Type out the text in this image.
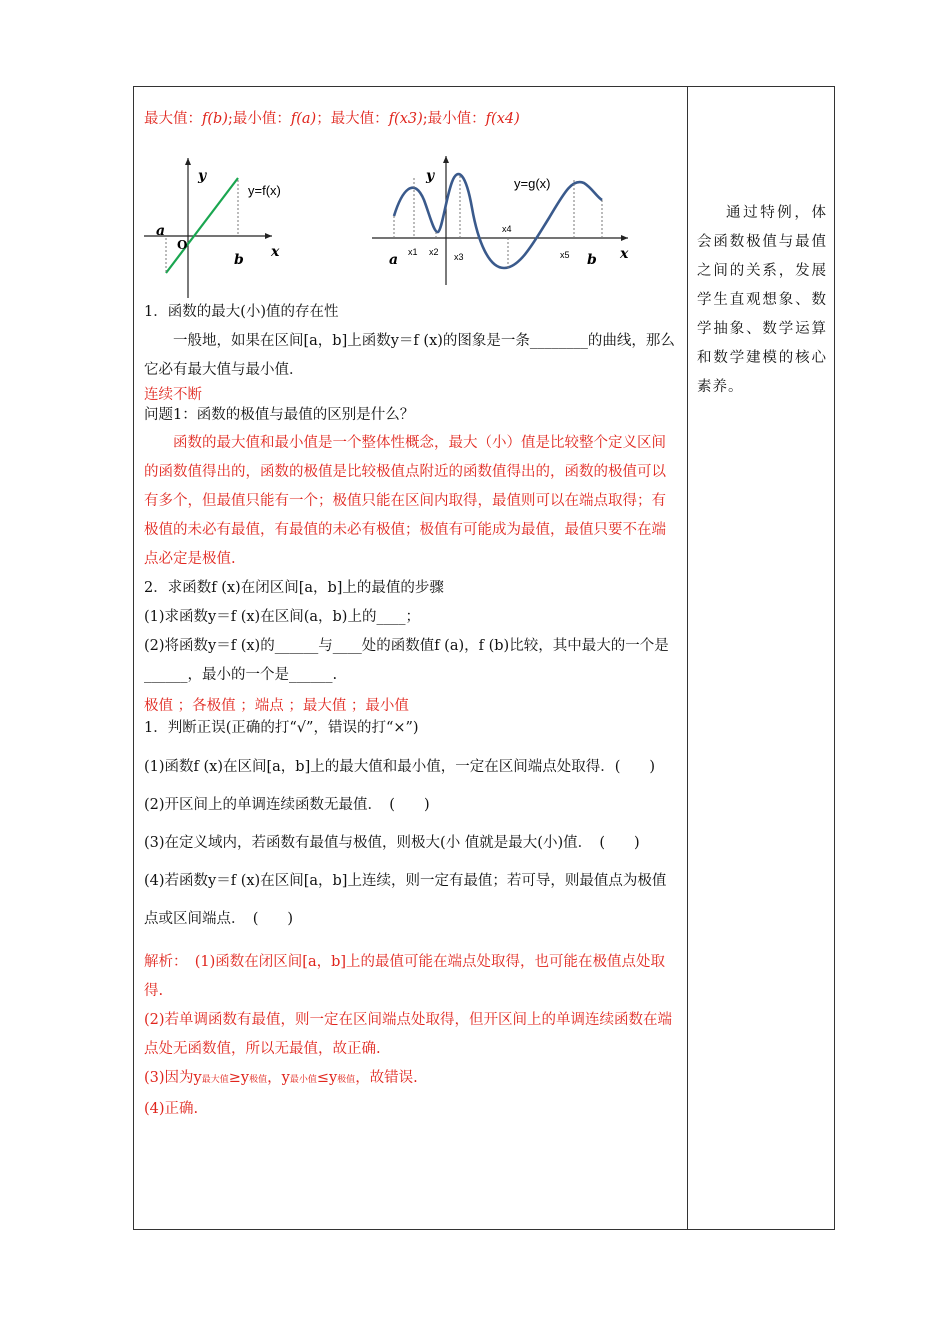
最大值：f(b);最小值：f(a)；最大值：f(x3);最小值：f(x4)
y=f(x)
y
x
O
a
b
y=g(x)
y
x
a	b
x1 x2 x3
x4
x5

1．函数的最大(小)值的存在性

一般地，如果在区间[a，b]上函数y＝f (x)的图象是一条________的曲线，那么它必有最大值与最小值．

连续不断

问题1：函数的极值与最值的区别是什么？

函数的最大值和最小值是一个整体性概念，最大（小）值是比较整个定义区间的函数值得出的，函数的极值是比较极值点附近的函数值得出的，函数的极值可以有多个，但最值只能有一个；极值只能在区间内取得，最值则可以在端点取得；有极值的未必有最值，有最值的未必有极值；极值有可能成为最值，最值只要不在端点必定是极值.

2．求函数f (x)在闭区间[a，b]上的最值的步骤

(1)求函数y＝f (x)在区间(a，b)上的____；

(2)将函数y＝f (x)的______与____处的函数值f (a)，f (b)比较，其中最大的一个是______，最小的一个是______.

极值 ；各极值 ；端点 ；最大值 ；最小值

1．判断正误(正确的打“√”，错误的打“×”)

(1)函数f (x)在区间[a，b]上的最大值和最小值，一定在区间端点处取得．(　　)

(2)开区间上的单调连续函数无最值．　(　　)

(3)在定义域内，若函数有最值与极值，则极大(小 值就是最大(小)值．　(　　)

(4)若函数y＝f (x)在区间[a，b]上连续，则一定有最值；若可导，则最值点为极值点或区间端点．　(　　)

解析：　(1)函数在闭区间[a，b]上的最值可能在端点处取得，也可能在极值点处取得.

(2)若单调函数有最值，则一定在区间端点处取得，但开区间上的单调连续函数在端点处无函数值，所以无最值，故正确.

(3)因为y最大值≥y极值，y最小值≤y极值，故错误.

(4)正确.

通过特例，体会函数极值与最值之间的关系，发展学生直观想象、数学抽象、数学运算和数学建模的核心素养。
